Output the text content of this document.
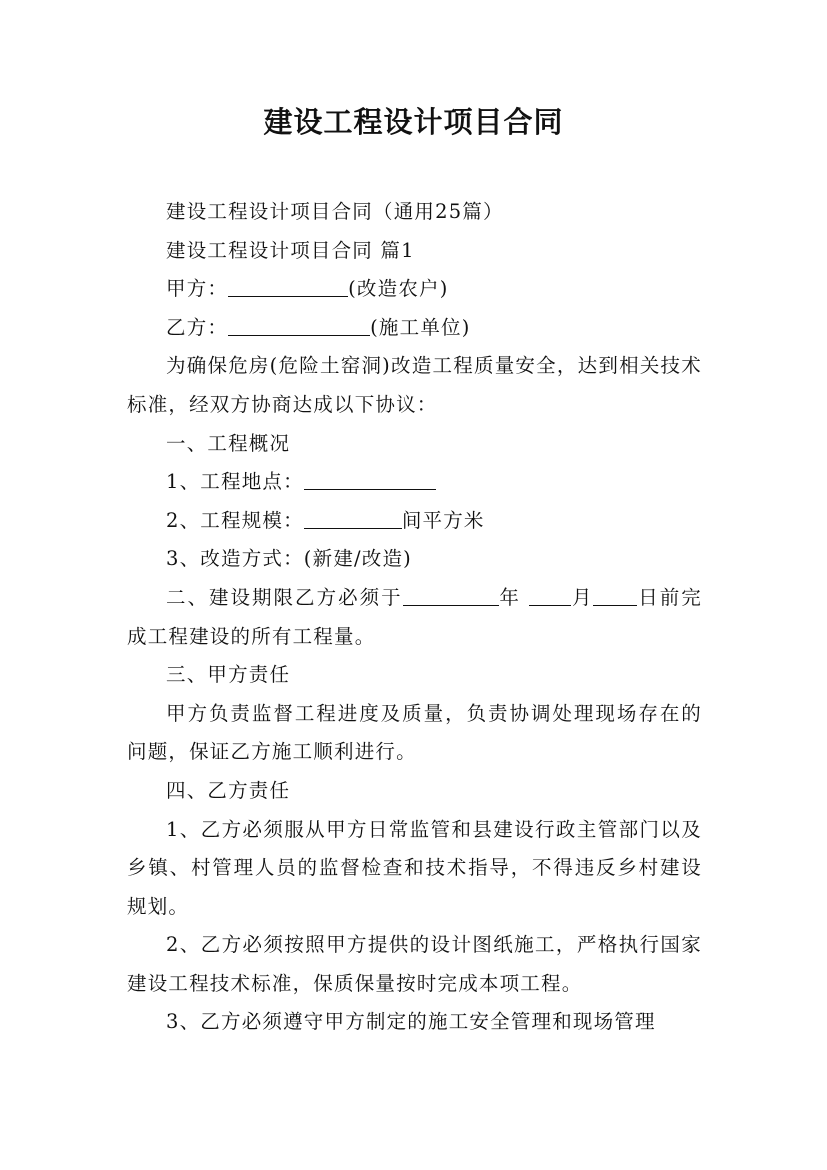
建设工程设计项目合同

建设工程设计项目合同（通用25篇）

建设工程设计项目合同 篇1

甲方：	(改造农户)

乙方：	(施工单位)

为确保危房(危险土窑洞)改造工程质量安全，达到相关技术标准，经双方协商达成以下协议：

一、工程概况

1、工程地点：

2、工程规模：	间平方米

3、改造方式：(新建/改造)

二、建设期限乙方必须于	年	月 日前完成工程建设的所有工程量。

三、甲方责任

甲方负责监督工程进度及质量，负责协调处理现场存在的问题，保证乙方施工顺利进行。

四、乙方责任

1、乙方必须服从甲方日常监管和县建设行政主管部门以及乡镇、村管理人员的监督检查和技术指导，不得违反乡村建设规划。

2、乙方必须按照甲方提供的设计图纸施工，严格执行国家建设工程技术标准，保质保量按时完成本项工程。

3、乙方必须遵守甲方制定的施工安全管理和现场管理
